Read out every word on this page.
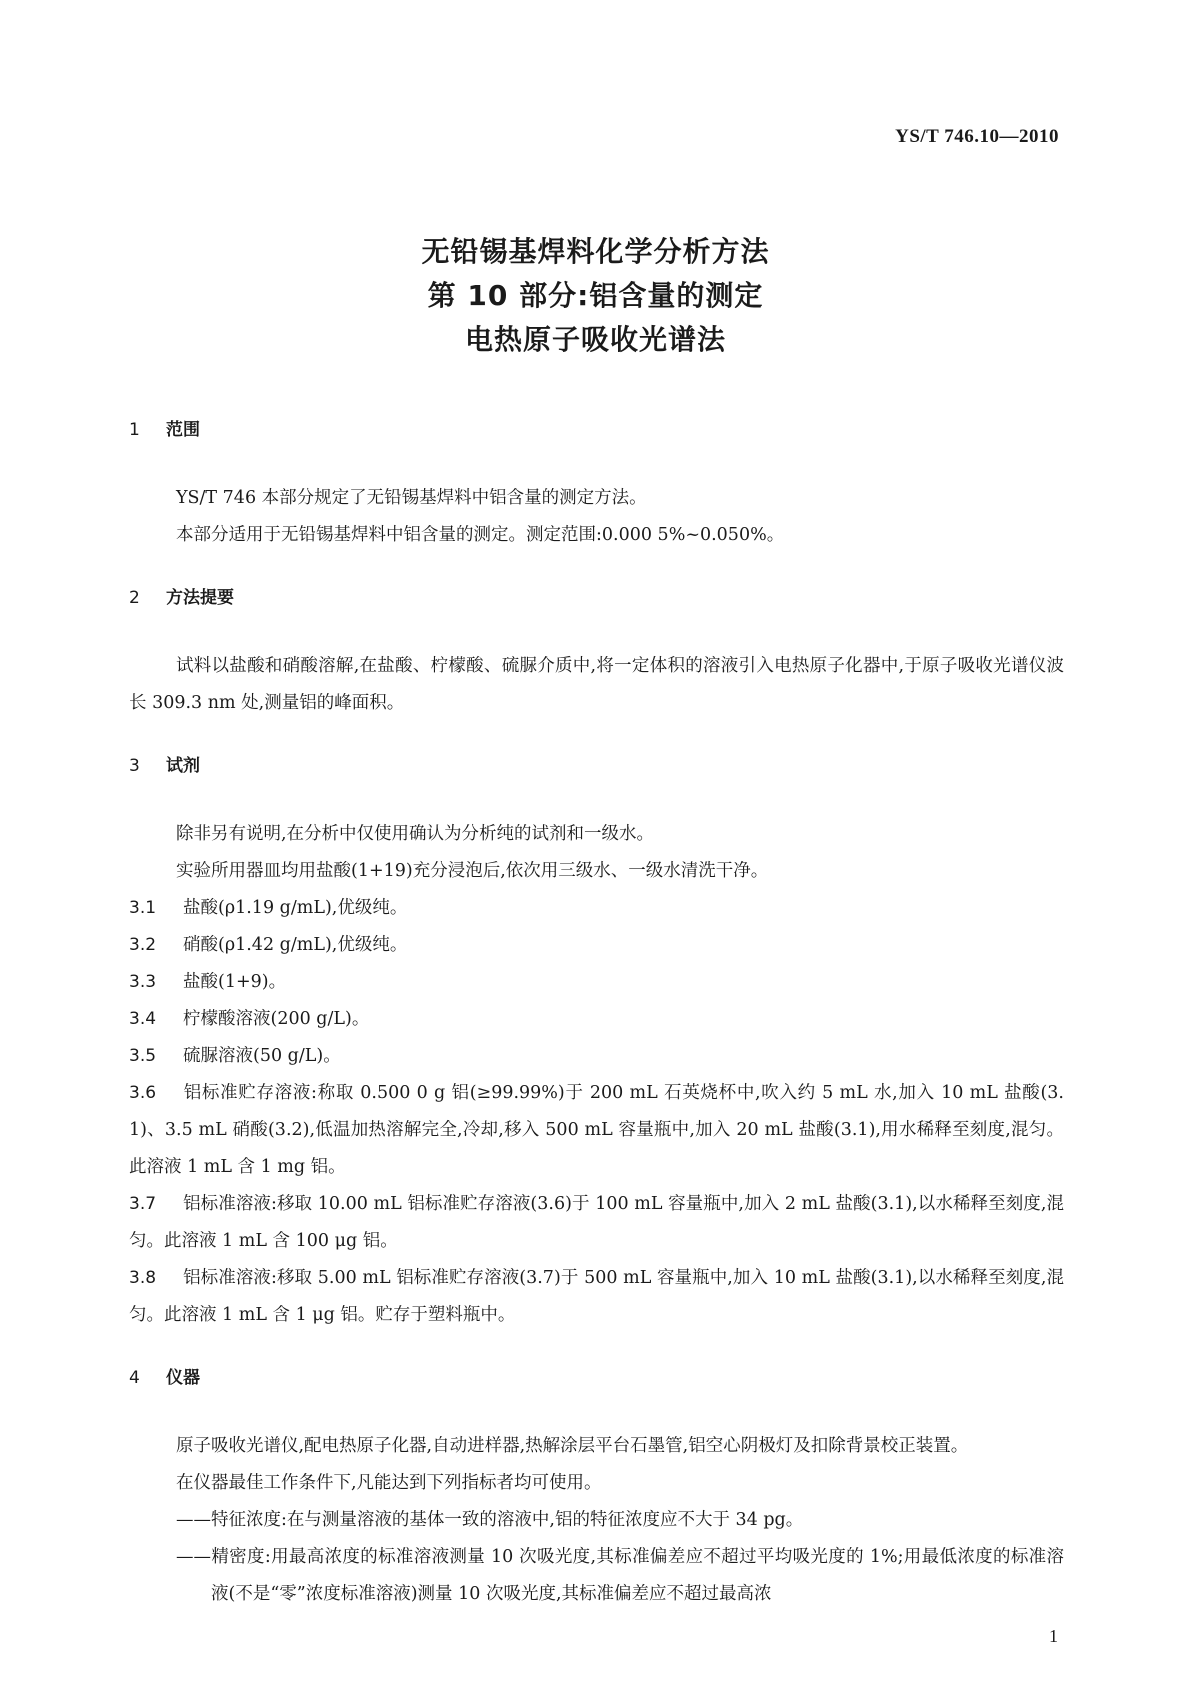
YS/T 746.10—2010
无铅锡基焊料化学分析方法
第 10 部分:铝含量的测定
电热原子吸收光谱法
1 范围
YS/T 746 本部分规定了无铅锡基焊料中铝含量的测定方法。
本部分适用于无铅锡基焊料中铝含量的测定。测定范围:0.000 5%~0.050%。
2 方法提要
试料以盐酸和硝酸溶解,在盐酸、柠檬酸、硫脲介质中,将一定体积的溶液引入电热原子化器中,于原子吸收光谱仪波长 309.3 nm 处,测量铝的峰面积。
3 试剂
除非另有说明,在分析中仅使用确认为分析纯的试剂和一级水。
实验所用器皿均用盐酸(1+19)充分浸泡后,依次用三级水、一级水清洗干净。
3.1 盐酸(ρ1.19 g/mL),优级纯。
3.2 硝酸(ρ1.42 g/mL),优级纯。
3.3 盐酸(1+9)。
3.4 柠檬酸溶液(200 g/L)。
3.5 硫脲溶液(50 g/L)。
3.6 铝标准贮存溶液:称取 0.500 0 g 铝(≥99.99%)于 200 mL 石英烧杯中,吹入约 5 mL 水,加入 10 mL 盐酸(3.1)、3.5 mL 硝酸(3.2),低温加热溶解完全,冷却,移入 500 mL 容量瓶中,加入 20 mL 盐酸(3.1),用水稀释至刻度,混匀。此溶液 1 mL 含 1 mg 铝。
3.7 铝标准溶液:移取 10.00 mL 铝标准贮存溶液(3.6)于 100 mL 容量瓶中,加入 2 mL 盐酸(3.1),以水稀释至刻度,混匀。此溶液 1 mL 含 100 μg 铝。
3.8 铝标准溶液:移取 5.00 mL 铝标准贮存溶液(3.7)于 500 mL 容量瓶中,加入 10 mL 盐酸(3.1),以水稀释至刻度,混匀。此溶液 1 mL 含 1 μg 铝。贮存于塑料瓶中。
4 仪器
原子吸收光谱仪,配电热原子化器,自动进样器,热解涂层平台石墨管,铝空心阴极灯及扣除背景校正装置。
在仪器最佳工作条件下,凡能达到下列指标者均可使用。
——特征浓度:在与测量溶液的基体一致的溶液中,铝的特征浓度应不大于 34 pg。
——精密度:用最高浓度的标准溶液测量 10 次吸光度,其标准偏差应不超过平均吸光度的 1%;用最低浓度的标准溶液(不是“零”浓度标准溶液)测量 10 次吸光度,其标准偏差应不超过最高浓
1
